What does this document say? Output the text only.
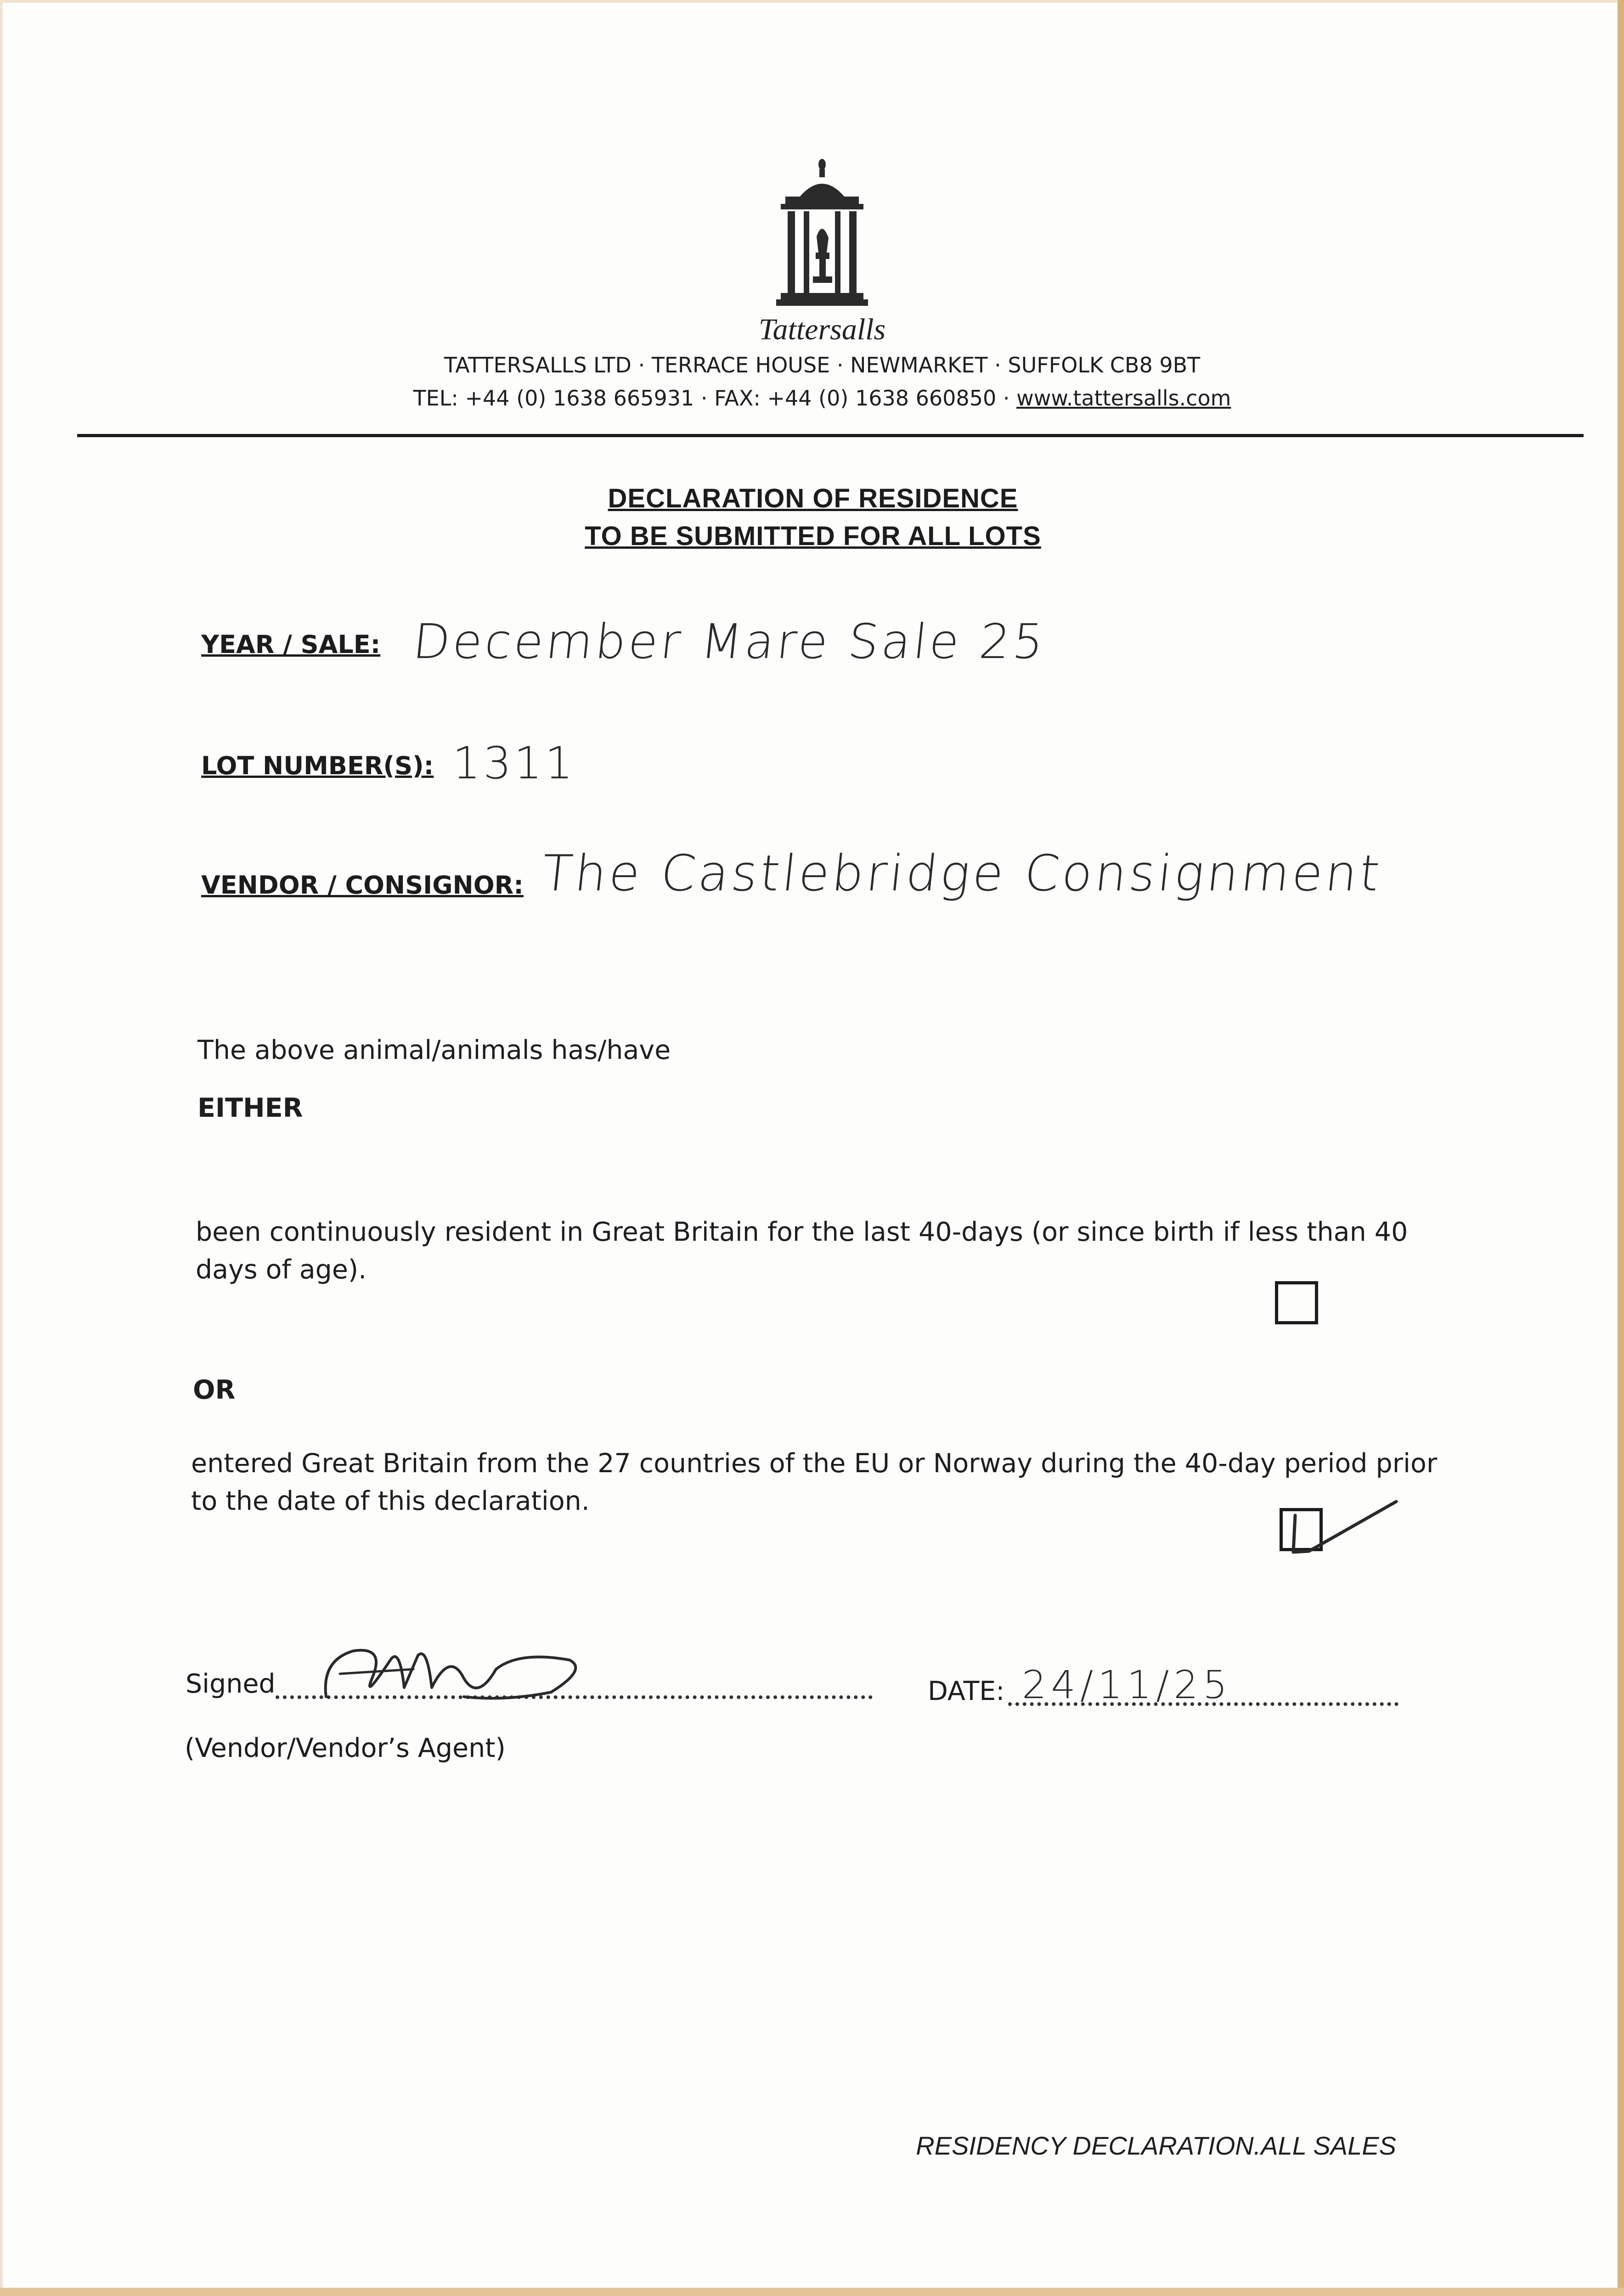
Tattersalls
TATTERSALLS LTD · TERRACE HOUSE · NEWMARKET · SUFFOLK CB8 9BT
TEL: +44 (0) 1638 665931 · FAX: +44 (0) 1638 660850 · www.tattersalls.com
DECLARATION OF RESIDENCE
TO BE SUBMITTED FOR ALL LOTS
YEAR / SALE: December Mare Sale 25
LOT NUMBER(S): 1311
VENDOR / CONSIGNOR: The Castlebridge Consignment
The above animal/animals has/have
EITHER
been continuously resident in Great Britain for the last 40-days (or since birth if less than 40 days of age).
OR
entered Great Britain from the 27 countries of the EU or Norway during the 40-day period prior to the date of this declaration.
Signed
(Vendor/Vendor’s Agent)
DATE: 24/11/25
RESIDENCY DECLARATION.ALL SALES
